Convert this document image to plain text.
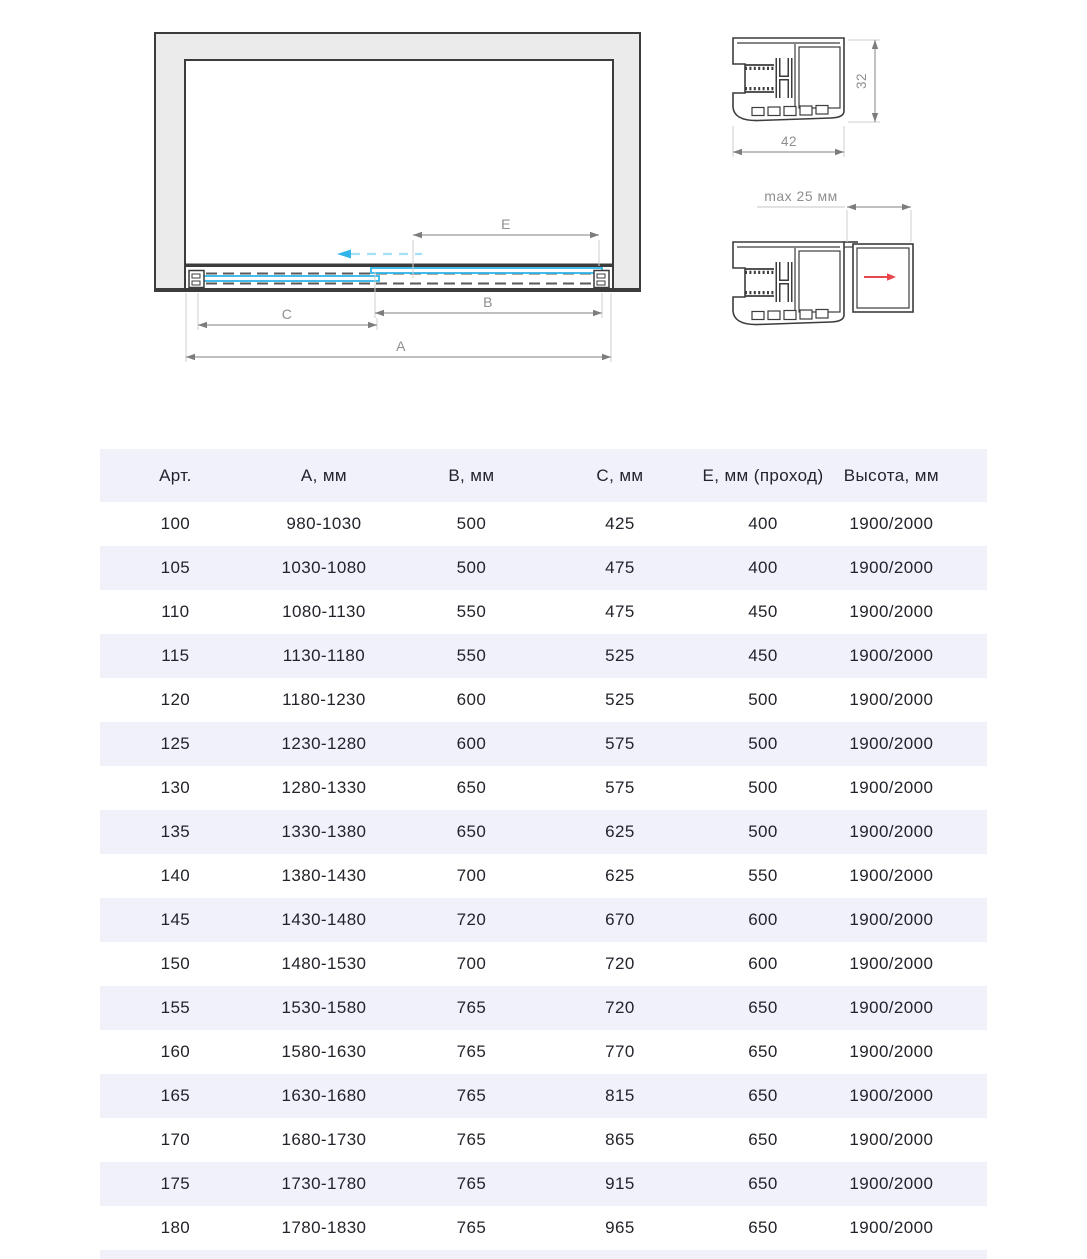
E
B
C
A
32
42
max 25 мм
Арт.	А, мм	В, мм	С, мм	Е, мм (проход)	Высота, мм
100	980-1030	500	425	400	1900/2000
105	1030-1080	500	475	400	1900/2000
110	1080-1130	550	475	450	1900/2000
115	1130-1180	550	525	450	1900/2000
120	1180-1230	600	525	500	1900/2000
125	1230-1280	600	575	500	1900/2000
130	1280-1330	650	575	500	1900/2000
135	1330-1380	650	625	500	1900/2000
140	1380-1430	700	625	550	1900/2000
145	1430-1480	720	670	600	1900/2000
150	1480-1530	700	720	600	1900/2000
155	1530-1580	765	720	650	1900/2000
160	1580-1630	765	770	650	1900/2000
165	1630-1680	765	815	650	1900/2000
170	1680-1730	765	865	650	1900/2000
175	1730-1780	765	915	650	1900/2000
180	1780-1830	765	965	650	1900/2000
